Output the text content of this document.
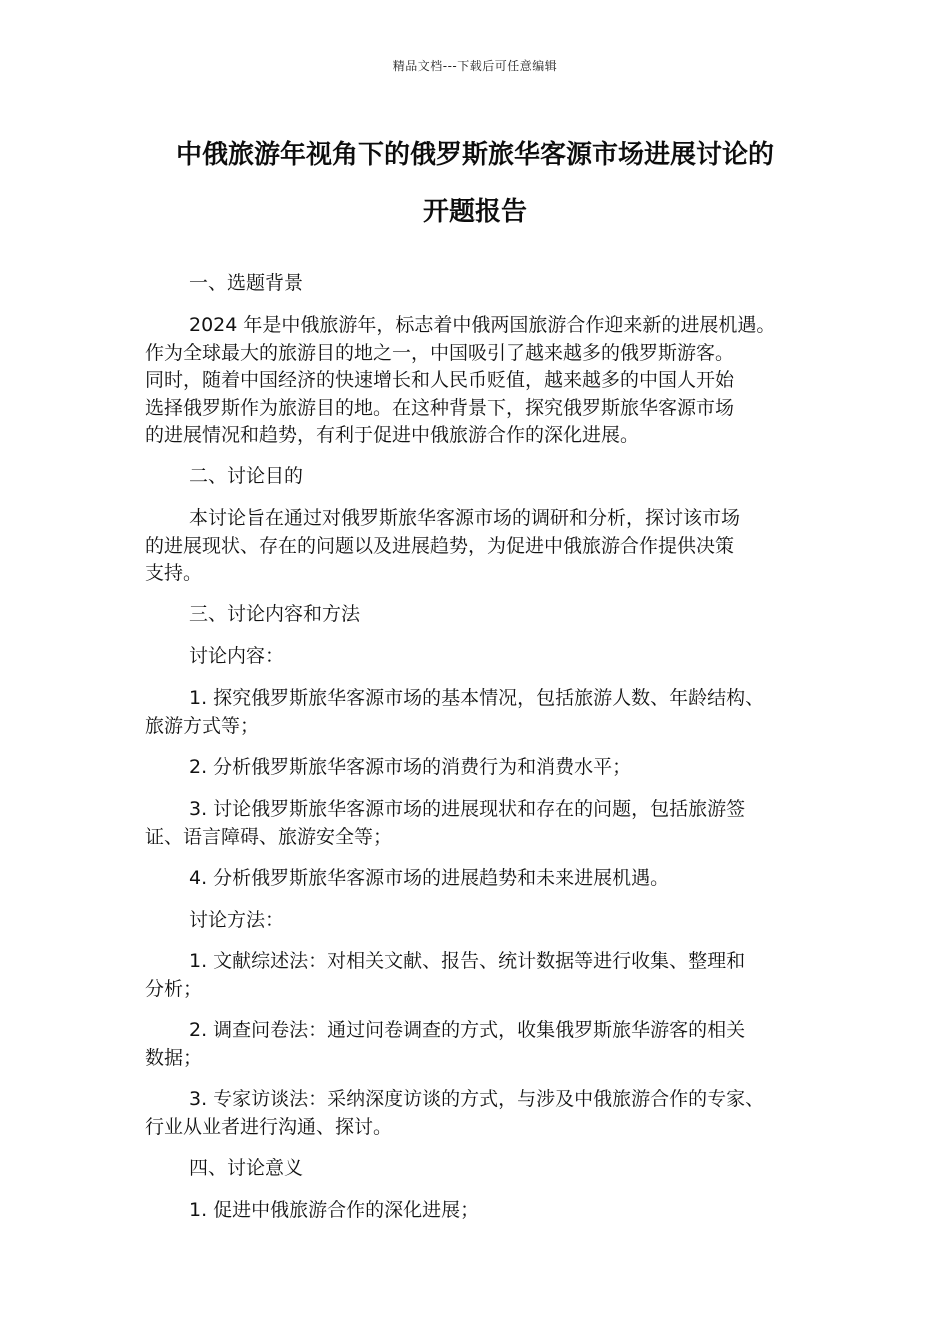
精品文档---下载后可任意编辑
中俄旅游年视角下的俄罗斯旅华客源市场进展讨论的
开题报告
一、选题背景
2024 年是中俄旅游年，标志着中俄两国旅游合作迎来新的进展机遇。
作为全球最大的旅游目的地之一，中国吸引了越来越多的俄罗斯游客。
同时，随着中国经济的快速增长和人民币贬值，越来越多的中国人开始
选择俄罗斯作为旅游目的地。在这种背景下，探究俄罗斯旅华客源市场
的进展情况和趋势，有利于促进中俄旅游合作的深化进展。
二、讨论目的
本讨论旨在通过对俄罗斯旅华客源市场的调研和分析，探讨该市场
的进展现状、存在的问题以及进展趋势，为促进中俄旅游合作提供决策
支持。
三、讨论内容和方法
讨论内容：
1. 探究俄罗斯旅华客源市场的基本情况，包括旅游人数、年龄结构、
旅游方式等；
2. 分析俄罗斯旅华客源市场的消费行为和消费水平；
3. 讨论俄罗斯旅华客源市场的进展现状和存在的问题，包括旅游签
证、语言障碍、旅游安全等；
4. 分析俄罗斯旅华客源市场的进展趋势和未来进展机遇。
讨论方法：
1. 文献综述法：对相关文献、报告、统计数据等进行收集、整理和
分析；
2. 调查问卷法：通过问卷调查的方式，收集俄罗斯旅华游客的相关
数据；
3. 专家访谈法：采纳深度访谈的方式，与涉及中俄旅游合作的专家、
行业从业者进行沟通、探讨。
四、讨论意义
1. 促进中俄旅游合作的深化进展；
